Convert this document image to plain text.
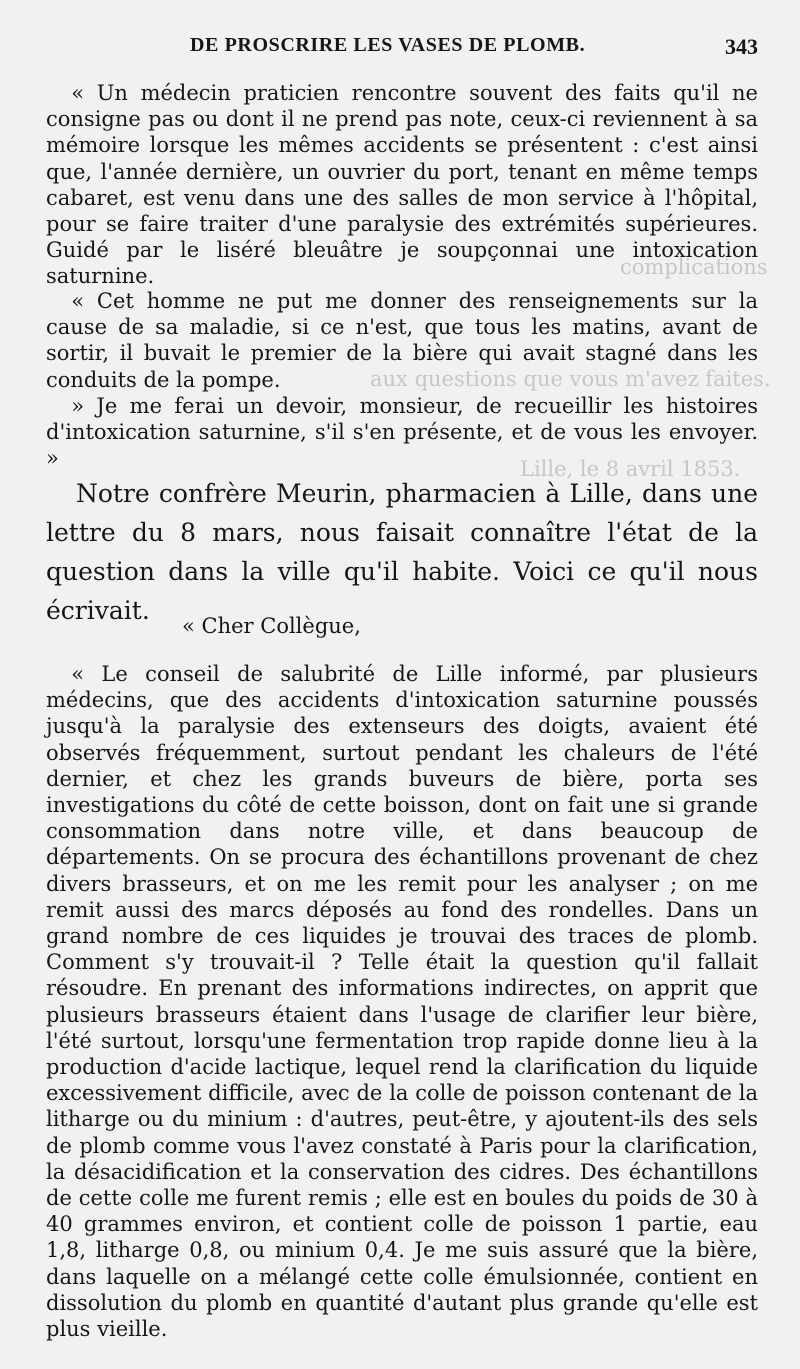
complications
aux questions que vous m'avez faites.
Lille, le 8 avril 1853.
DE PROSCRIRE LES VASES DE PLOMB.	343
« Un médecin praticien rencontre souvent des faits qu'il ne consigne pas ou dont il ne prend pas note, ceux-ci reviennent à sa mémoire lorsque les mêmes accidents se présentent : c'est ainsi que, l'année dernière, un ouvrier du port, tenant en même temps cabaret, est venu dans une des salles de mon service à l'hôpital, pour se faire traiter d'une paralysie des extrémités supérieures. Guidé par le liséré bleuâtre je soupçonnai une intoxication saturnine.
« Cet homme ne put me donner des renseignements sur la cause de sa maladie, si ce n'est, que tous les matins, avant de sortir, il buvait le premier de la bière qui avait stagné dans les conduits de la pompe.
» Je me ferai un devoir, monsieur, de recueillir les histoires d'intoxication saturnine, s'il s'en présente, et de vous les envoyer. »
Notre confrère Meurin, pharmacien à Lille, dans une lettre du 8 mars, nous faisait connaître l'état de la question dans la ville qu'il habite. Voici ce qu'il nous écrivait.
« Cher Collègue,
« Le conseil de salubrité de Lille informé, par plusieurs médecins, que des accidents d'intoxication saturnine poussés jusqu'à la paralysie des extenseurs des doigts, avaient été observés fréquemment, surtout pendant les chaleurs de l'été dernier, et chez les grands buveurs de bière, porta ses investigations du côté de cette boisson, dont on fait une si grande consommation dans notre ville, et dans beaucoup de départements. On se procura des échantillons provenant de chez divers brasseurs, et on me les remit pour les analyser ; on me remit aussi des marcs déposés au fond des rondelles. Dans un grand nombre de ces liquides je trouvai des traces de plomb. Comment s'y trouvait-il ? Telle était la question qu'il fallait résoudre. En prenant des informations indirectes, on apprit que plusieurs brasseurs étaient dans l'usage de clarifier leur bière, l'été surtout, lorsqu'une fermentation trop rapide donne lieu à la production d'acide lactique, lequel rend la clarification du liquide excessivement difficile, avec de la colle de poisson contenant de la litharge ou du minium : d'autres, peut-être, y ajoutent-ils des sels de plomb comme vous l'avez constaté à Paris pour la clarification, la désacidification et la conservation des cidres. Des échantillons de cette colle me furent remis ; elle est en boules du poids de 30 à 40 grammes environ, et contient colle de poisson 1 partie, eau 1,8, litharge 0,8, ou minium 0,4. Je me suis assuré que la bière, dans laquelle on a mélangé cette colle émulsionnée, contient en dissolution du plomb en quantité d'autant plus grande qu'elle est plus vieille.
